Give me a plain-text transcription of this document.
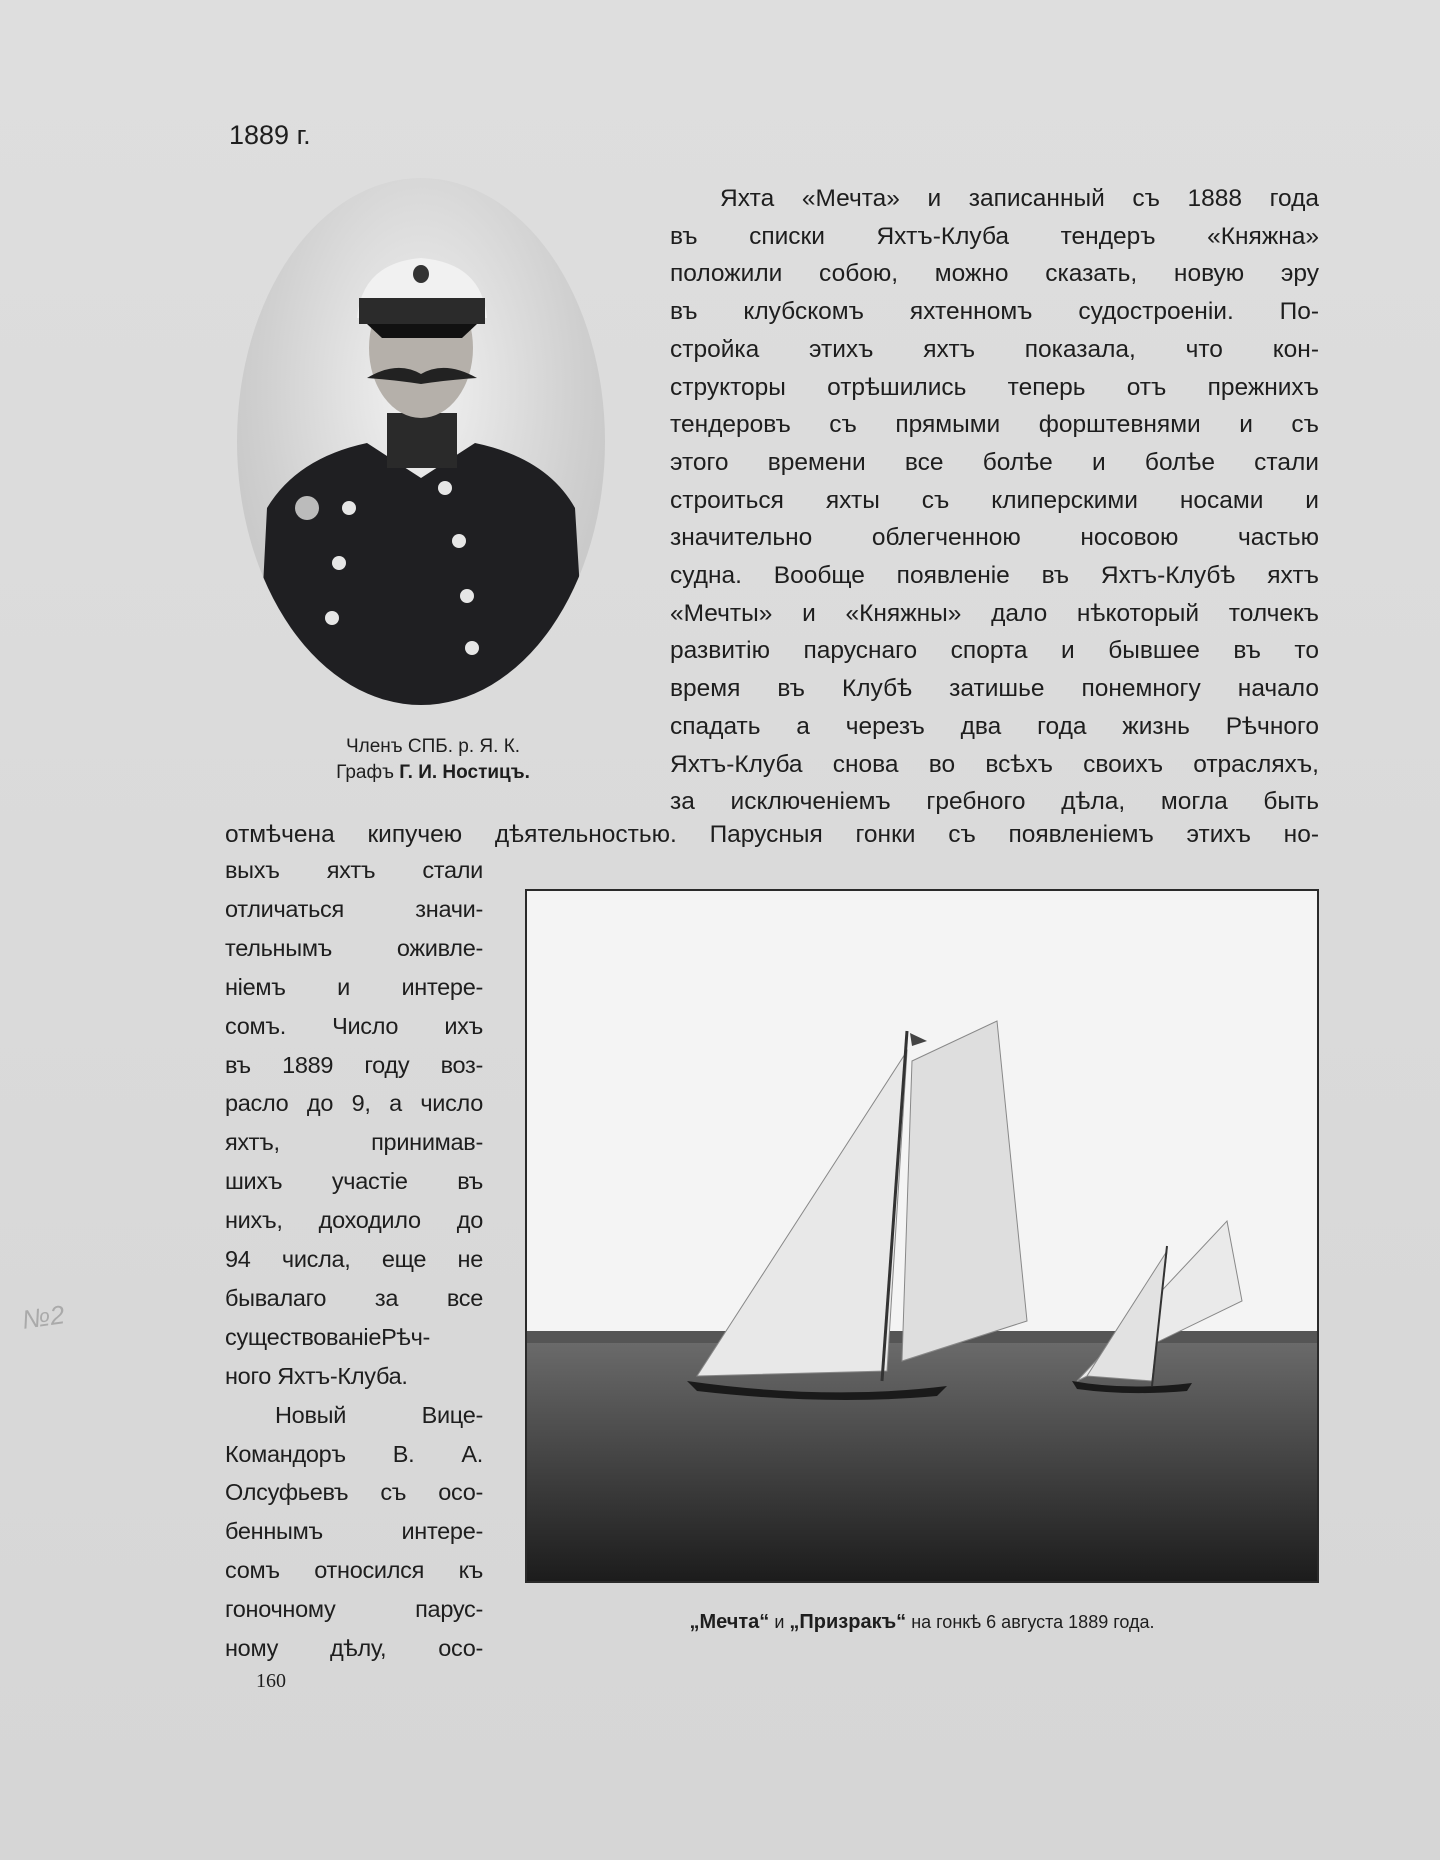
1889 г.
Членъ СПБ. р. Я. К.
Графъ Г. И. Ностицъ.
Яхта «Мечта» и записанный съ 1888 года
въ списки Яхтъ-Клуба тендеръ «Княжна»
положили собою, можно сказать, новую эру
въ клубскомъ яхтенномъ судостроеніи. По-
стройка этихъ яхтъ показала, что кон-
структоры отрѣшились теперь отъ прежнихъ
тендеровъ съ прямыми форштевнями и съ
этого времени все болѣе и болѣе стали
строиться яхты съ клиперскими носами и
значительно облегченною носовою частью
судна. Вообще появленіе въ Яхтъ-Клубѣ яхтъ
«Мечты» и «Княжны» дало нѣкоторый толчекъ
развитію паруснаго спорта и бывшее въ то
время въ Клубѣ затишье понемногу начало
спадать а черезъ два года жизнь Рѣчного
Яхтъ-Клуба снова во всѣхъ своихъ отрасляхъ,
за исключеніемъ гребного дѣла, могла быть
отмѣчена кипучею дѣятельностью. Парусныя гонки съ появленіемъ этихъ но-
выхъ яхтъ стали
отличаться значи-
тельнымъ оживле-
ніемъ и интере-
сомъ. Число ихъ
въ 1889 году воз-
расло до 9, а число
яхтъ, принимав-
шихъ участіе въ
нихъ, доходило до
94 числа, еще не
бывалаго за все
существованіеРѣч-
ного Яхтъ-Клуба.
Новый Вице-
Командоръ В. А.
Олсуфьевъ съ осо-
беннымъ интере-
сомъ относился къ
гоночному парус-
ному дѣлу, осо-
„Мечта“ и „Призракъ“ на гонкѣ 6 августа 1889 года.
160
№2
